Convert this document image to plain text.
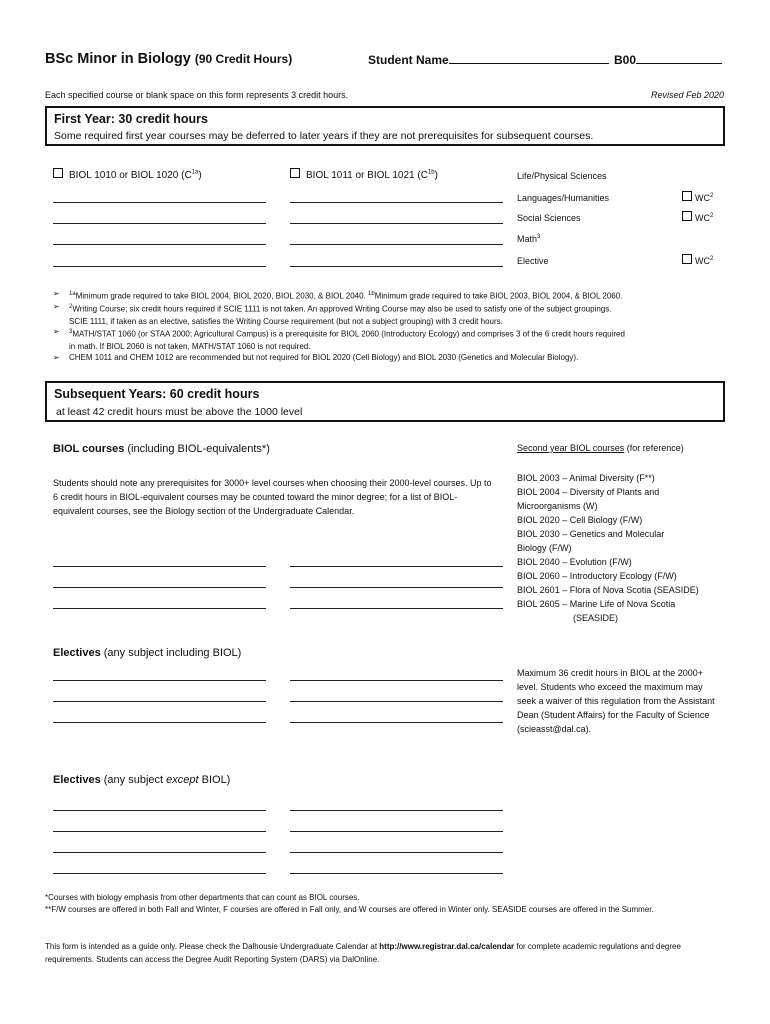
BSc Minor in Biology (90 Credit Hours)	Student Name	B00
Each specified course or blank space on this form represents 3 credit hours.	Revised Feb 2020
First Year: 30 credit hours
Some required first year courses may be deferred to later years if they are not prerequisites for subsequent courses.
BIOL 1010 or BIOL 1020 $(C^{1a})$	BIOL 1011 or BIOL 1021 $(C^{1b})$	Life/Physical Sciences
Languages/Humanities	$WC^2$
Social Sciences	$WC^2$
Math$^3$
Elective	$WC^2$
➢ $^{1a}$Minimum grade required to take BIOL 2004, BIOL 2020, BIOL 2030, & BIOL 2040. $^{1b}$Minimum grade required to take BIOL 2003, BIOL 2004, & BIOL 2060.
➢ $^2$Writing Course; six credit hours required if SCIE 1111 is not taken. An approved Writing Course may also be used to satisfy one of the subject groupings.
SCIE 1111, if taken as an elective, satisfies the Writing Course requirement (but not a subject grouping) with 3 credit hours.
➢ $^3$MATH/STAT 1060 (or STAA 2000; Agricultural Campus) is a prerequisite for BIOL 2060 (Introductory Ecology) and comprises 3 of the 6 credit hours required
in math. If BIOL 2060 is not taken, MATH/STAT 1060 is not required.
➢ CHEM 1011 and CHEM 1012 are recommended but not required for BIOL 2020 (Cell Biology) and BIOL 2030 (Genetics and Molecular Biology).
Subsequent Years: 60 credit hours
at least 42 credit hours must be above the 1000 level
BIOL courses (including BIOL-equivalents*)
Students should note any prerequisites for 3000+ level courses when choosing their 2000-level courses. Up to 6 credit hours in BIOL-equivalent courses may be counted toward the minor degree; for a list of BIOL-equivalent courses, see the Biology section of the Undergraduate Calendar.
Second year BIOL courses (for reference)
BIOL 2003 – Animal Diversity (F**)
BIOL 2004 – Diversity of Plants and
Microorganisms (W)
BIOL 2020 – Cell Biology (F/W)
BIOL 2030 – Genetics and Molecular
Biology (F/W)
BIOL 2040 – Evolution (F/W)
BIOL 2060 – Introductory Ecology (F/W)
BIOL 2601 – Flora of Nova Scotia (SEASIDE)
BIOL 2605 – Marine Life of Nova Scotia
(SEASIDE)
Electives (any subject including BIOL)
Maximum 36 credit hours in BIOL at the 2000+ level. Students who exceed the maximum may seek a waiver of this regulation from the Assistant Dean (Student Affairs) for the Faculty of Science (scieasst@dal.ca).
Electives (any subject except BIOL)
*Courses with biology emphasis from other departments that can count as BIOL courses.
**F/W courses are offered in both Fall and Winter, F courses are offered in Fall only, and W courses are offered in Winter only. SEASIDE courses are offered in the Summer.
This form is intended as a guide only. Please check the Dalhousie Undergraduate Calendar at http://www.registrar.dal.ca/calendar for complete academic regulations and degree requirements. Students can access the Degree Audit Reporting System (DARS) via DalOnline.
